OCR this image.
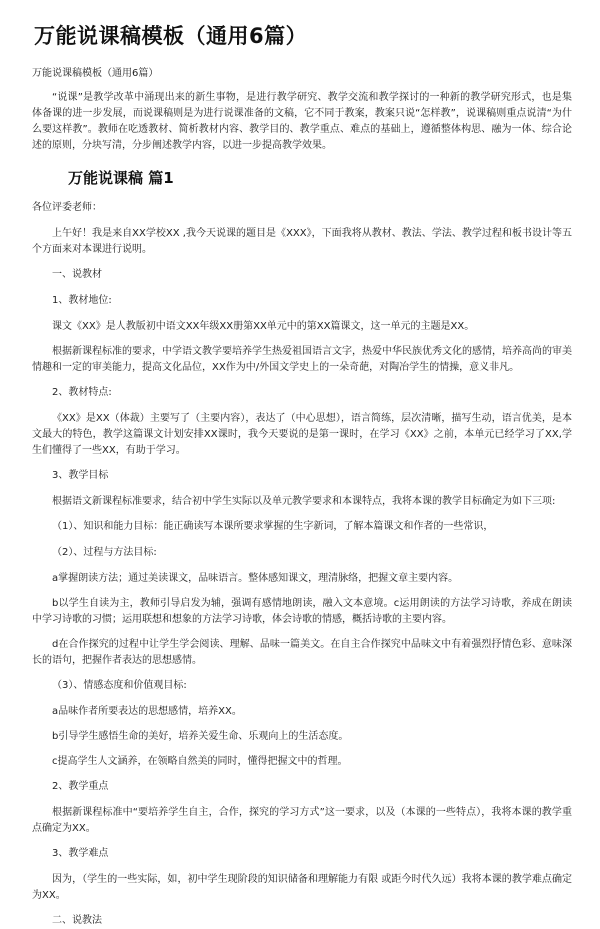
万能说课稿模板（通用6篇）
万能说课稿模板（通用6篇）

“说课”是教学改革中涌现出来的新生事物，是进行教学研究、教学交流和教学探讨的一种新的教学研究形式，也是集体备课的进一步发展，而说课稿则是为进行说课准备的文稿，它不同于教案，教案只说“怎样教”，说课稿则重点说清“为什么要这样教”。教师在吃透教材、简析教材内容、教学目的、教学重点、难点的基础上，遵循整体构思、融为一体、综合论述的原则，分块写清，分步阐述教学内容，以进一步提高教学效果。

万能说课稿 篇1

各位评委老师：

上午好！我是来自XX学校XX ,我今天说课的题目是《XXX》，下面我将从教材、教法、学法、教学过程和板书设计等五个方面来对本课进行说明。

一、说教材

1、教材地位:

课文《XX》是人教版初中语文XX年级XX册第XX单元中的第XX篇课文，这一单元的主题是XX。

根据新课程标准的要求，中学语文教学要培养学生热爱祖国语言文字，热爱中华民族优秀文化的感情，培养高尚的审美情趣和一定的审美能力，提高文化品位，XX作为中/外国文学史上的一朵奇葩，对陶冶学生的情操，意义非凡。

2、教材特点:

《XX》是XX（体裁）主要写了（主要内容），表达了（中心思想），语言简练，层次清晰，描写生动，语言优美，是本文最大的特色，教学这篇课文计划安排XX课时，我今天要说的是第一课时，在学习《XX》之前，本单元已经学习了XX,学生们懂得了一些XX，有助于学习。

3、教学目标

根据语文新课程标准要求，结合初中学生实际以及单元教学要求和本课特点，我将本课的教学目标确定为如下三项:

（1）、知识和能力目标：能正确读写本课所要求掌握的生字新词，了解本篇课文和作者的一些常识，

（2）、过程与方法目标:

a掌握朗读方法；通过美读课文，品味语言。整体感知课文，理清脉络，把握文章主要内容。

b以学生自读为主，教师引导启发为辅，强调有感情地朗读，融入文本意境。c运用朗读的方法学习诗歌，养成在朗读中学习诗歌的习惯；运用联想和想象的方法学习诗歌，体会诗歌的情感，概括诗歌的主要内容。

d在合作探究的过程中让学生学会阅读、理解、品味一篇美文。在自主合作探究中品味文中有着强烈抒情色彩、意味深长的语句，把握作者表达的思想感情。

（3）、情感态度和价值观目标:

a品味作者所要表达的思想感情，培养XX。

b引导学生感悟生命的美好，培养关爱生命、乐观向上的生活态度。

c提高学生人文涵养，在领略自然美的同时，懂得把握文中的哲理。

2、教学重点

根据新课程标准中“要培养学生自主，合作，探究的学习方式”这一要求，以及（本课的一些特点），我将本课的教学重点确定为XX。

3、教学难点

因为，（学生的一些实际，如，初中学生现阶段的知识储备和理解能力有限 或距今时代久远）我将本课的教学难点确定为XX。

二、说教法
